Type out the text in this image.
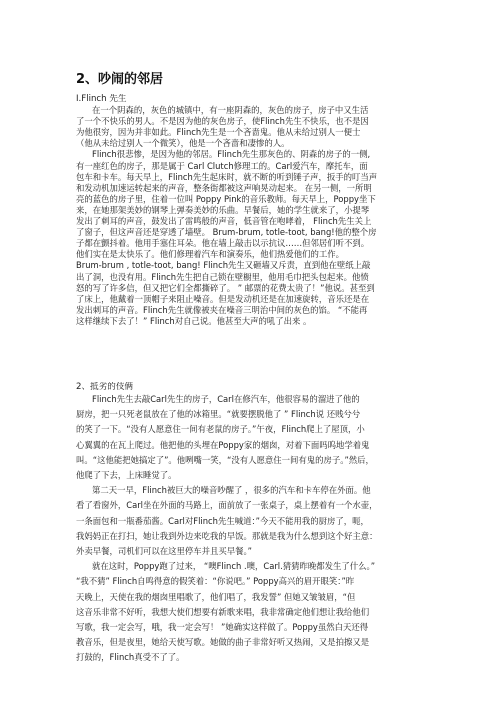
2、吵闹的邻居
I.Flinch 先生
在一个阴森的，灰色的城镇中，有一座阴森的，灰色的房子，房子中又生活
了一个不快乐的男人。不是因为他的灰色房子，使Flinch先生不快乐，也不是因
为他很穷，因为并非如此。Flinch先生是一个吝啬鬼。他从未给过别人一便士
（他从未给过别人一个微笑），他是一个吝啬和凄惨的人。
Flinch很悲惨，是因为他的邻居。Flinch先生那灰色的、阴森的房子的一侧,
有一座红色的房子，那是属于 Carl Clutch修理工的。Carl爱汽车，摩托车，面
包车和卡车。每天早上，Flinch先生起床时，就不断的听到锤子声，扳手的叮当声
和发动机加速运转起来的声音，整条街都被这声响晃动起来。 在另一侧，一所明
亮的蓝色的房子里，住着一位叫 Poppy Pink的音乐教师。每天早上，Poppy坐下
来，在她那架美妙的钢琴上弹奏美妙的乐曲。早餐后，她的学生就来了，小提琴
发出了刺耳的声音，鼓发出了雷鸣般的声音，低音管在咆哮着， Flinch先生关上
了窗子，但这声音还是穿透了墙壁。 Brum-brum, totle-toot, bang!他的整个房
子都在颤抖着。他用手塞住耳朵。他在墙上敲击以示抗议……但邻居们听不到。
他们实在是太快乐了。他们修理着汽车和演奏乐，他们热爱他们的工作。
Brum-brum , totle-toot, bang! Flinch先生又砸墙又斥责，直到他在壁纸上敲
出了洞，也没有用。Flinch先生把自己锁在壁橱里，他用毛巾把头包起来。他愤
怒的写了许多信，但又把它们全都撕碎了。 ” 邮票的花费太贵了！”他说。甚至到
了床上，他戴着一顶帽子来阻止噪音。但是发动机还是在加速旋转，音乐还是在
发出刺耳的声音。Flinch先生就像被夹在噪音三明治中间的灰色的馅。 “不能再
这样继续下去了！” Flinch对自己说。他甚至大声的吼了出来 。
2、抵劣的伎俩
Flinch先生去敲Carl先生的房子，Carl在修汽车，他很容易的溜进了他的
厨房，把一只死老鼠放在了他的冰箱里。“就要摆脱他了 ” Flinch说 还贱兮兮
的笑了一下。“没有人愿意住一间有老鼠的房子。”午夜，Flinch爬上了屋顶，小
心翼翼的在瓦上爬过。他把他的头埋在Poppy家的烟囱，对着下面吗呜地学着鬼
叫。“这他能把她搞定了”。他咧嘴一笑，“没有人愿意住一间有鬼的房子。”然后，
他爬了下去，上床睡觉了。
第二天一早，Flinch被巨大的噪音吵醒了 ，很多的汽车和卡车停在外面。他
看了看窗外，Carl坐在外面的马路上，面前放了一张桌子，桌上摆着有一个水壶，
一条面包和一瓶番茄酱。Carl对Flinch先生喊道：”今天不能用我的厨房了，呃，
我妈妈正在打扫，她让我到外边来吃我的早饭。那就是我为什么想到这个好主意：
外卖早餐，司机们可以在这里停车并且买早餐。”
就在这时，Poppy跑了过来， “噢Flinch .噢，Carl.猜猜昨晚都发生了什么。”
“我不猜” Flinch自鸣得意的假笑着：“你说吧。” Poppy高兴的眉开眼笑：”昨
天晚上，天使在我的烟囱里唱歌了，他们唱了，我发誓” 但她又皱皱眉，“但
这音乐非常不好听，我想大使们想要有新歌来唱，我非常确定他们想让我给他们
写歌，我一定会写，哦，我一定会写！ ”她确实这样做了。Poppy虽然白天还得
教音乐，但是夜里，她给天使写歌。她做的曲子非常好听又热闹，又是拍擦又是
打鼓的，Flinch真受不了了。
